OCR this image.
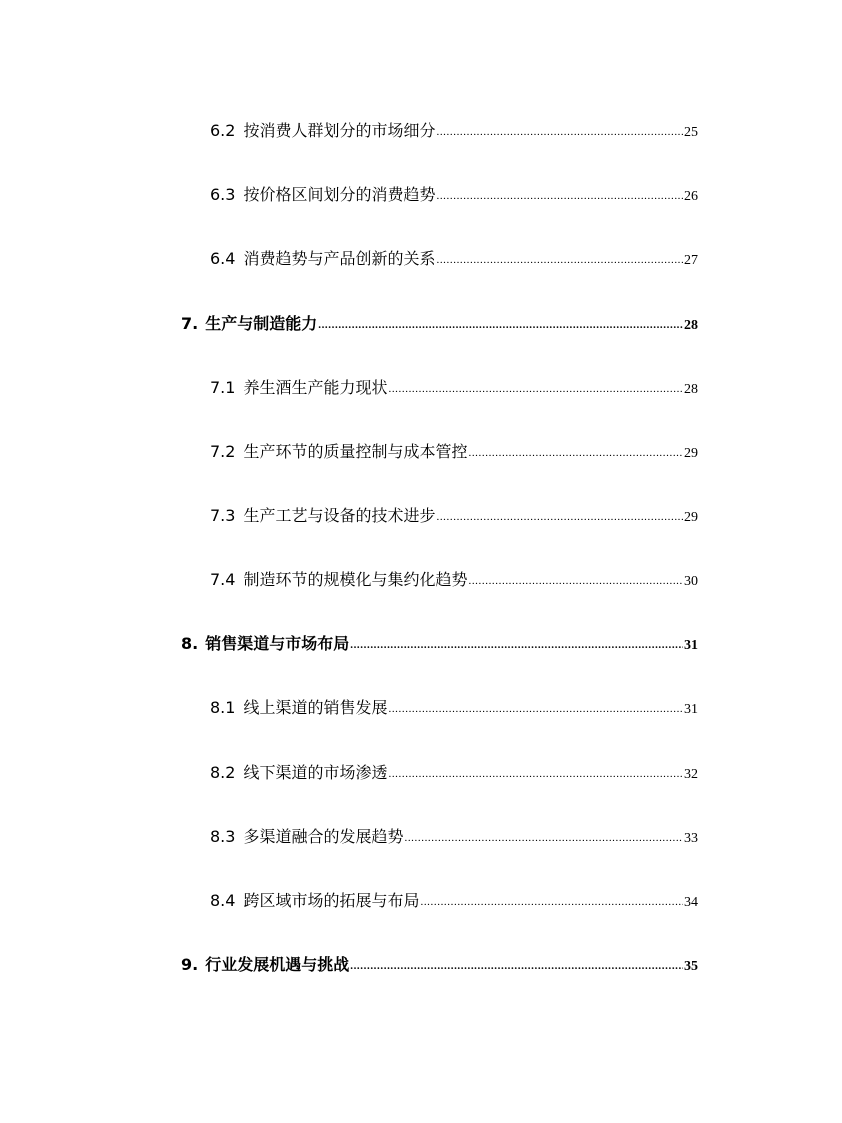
6.2 按消费人群划分的市场细分 .....	25
6.3 按价格区间划分的消费趋势 .....	26
6.4 消费趋势与产品创新的关系 .....	27
7. 生产与制造能力 .....	28
7.1 养生酒生产能力现状 .....	28
7.2 生产环节的质量控制与成本管控 .....	29
7.3 生产工艺与设备的技术进步 .....	29
7.4 制造环节的规模化与集约化趋势 .....	30
8. 销售渠道与市场布局 .....	31
8.1 线上渠道的销售发展 .....	31
8.2 线下渠道的市场渗透 .....	32
8.3 多渠道融合的发展趋势 .....	33
8.4 跨区域市场的拓展与布局 .....	34
9. 行业发展机遇与挑战 .....	35
